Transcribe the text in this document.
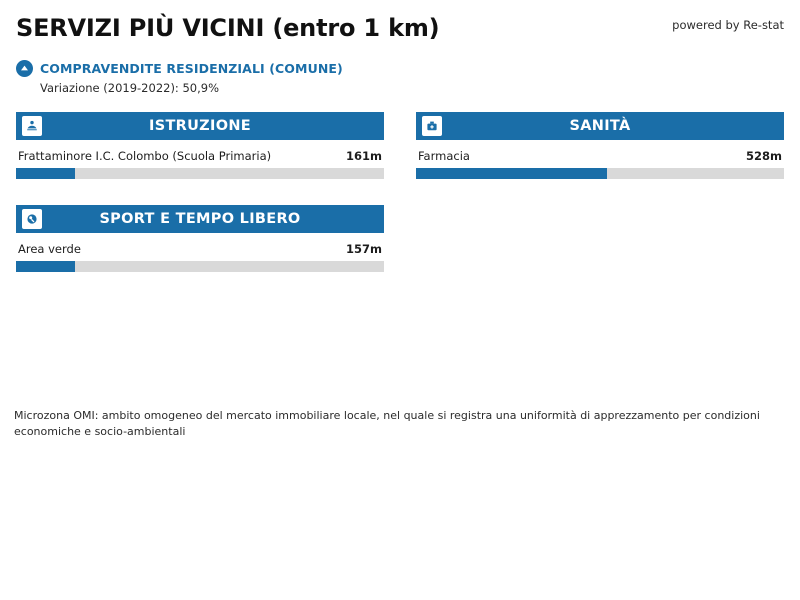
SERVIZI PIÙ VICINI (entro 1 km)	powered by Re-stat
COMPRAVENDITE RESIDENZIALI (COMUNE)
Variazione (2019-2022): 50,9%
ISTRUZIONE
Frattaminore I.C. Colombo (Scuola Primaria)	161m
SANITÀ
Farmacia	528m
SPORT E TEMPO LIBERO
Area verde	157m
Microzona OMI: ambito omogeneo del mercato immobiliare locale, nel quale si registra una uniformità di apprezzamento per condizioni economiche e socio-ambientali
